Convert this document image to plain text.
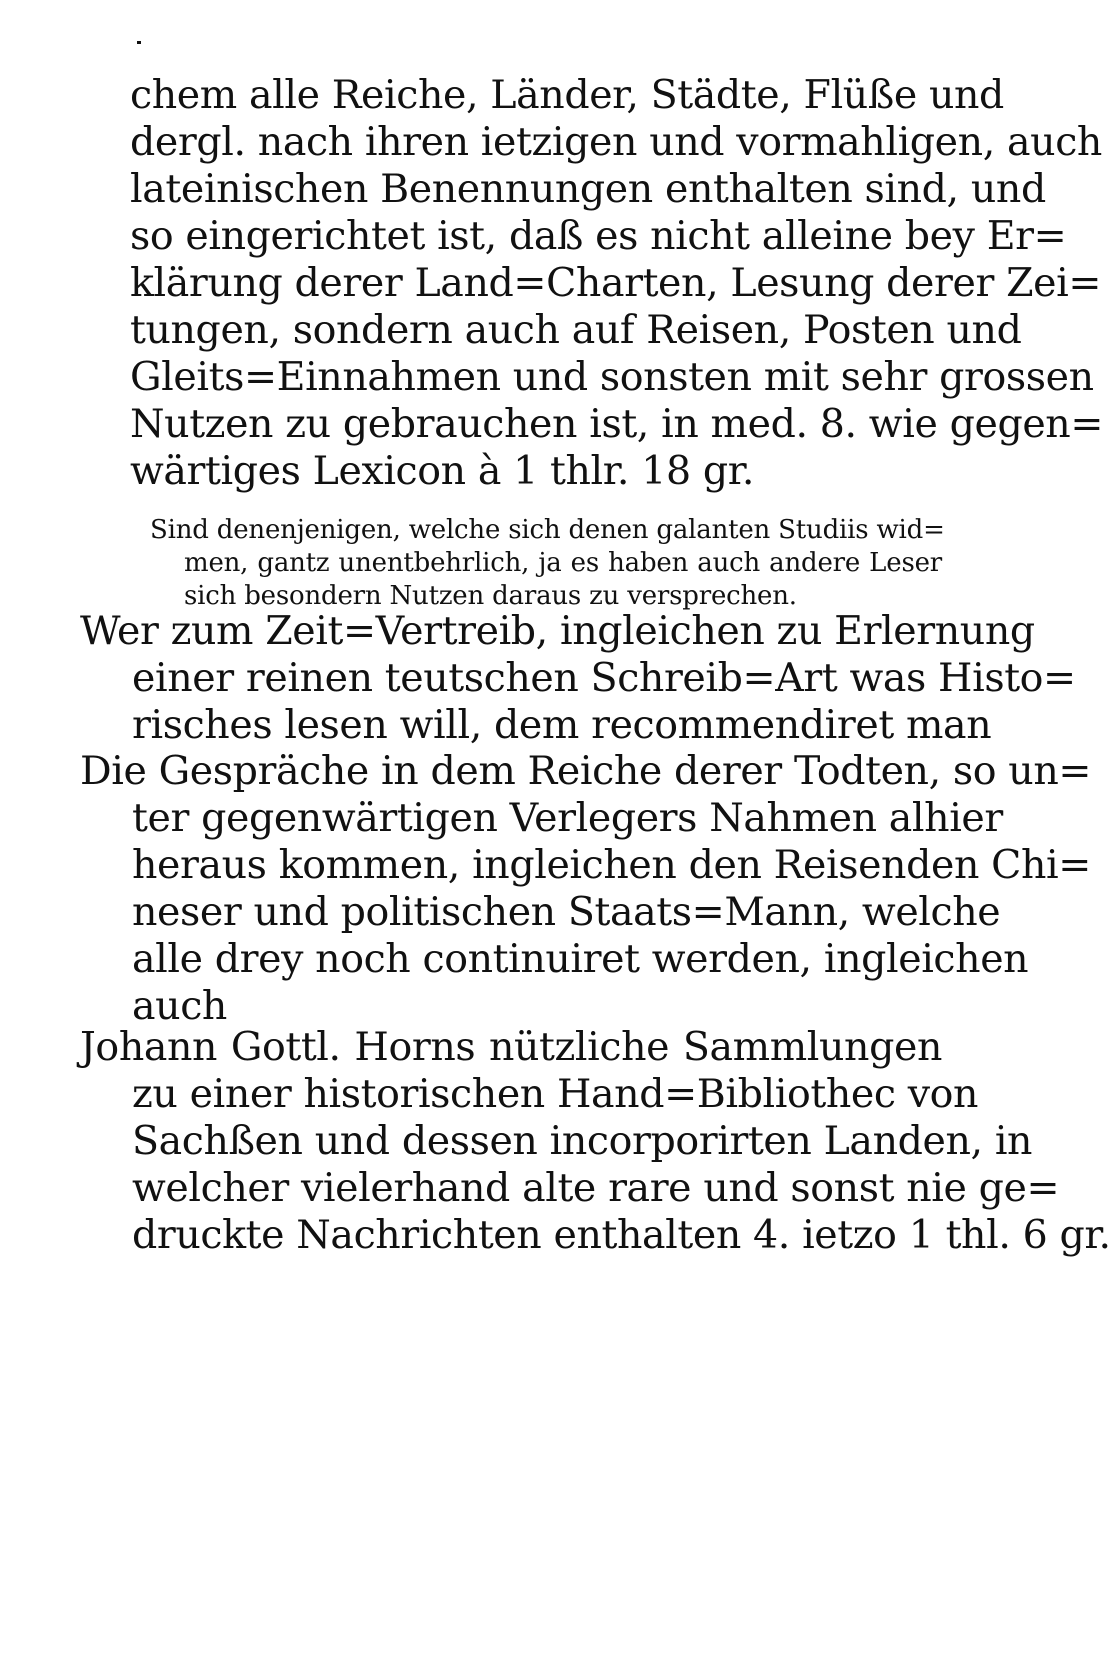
chem alle Reiche, Länder, Städte, Flüße und
dergl. nach ihren ietzigen und vormahligen, auch
lateinischen Benennungen enthalten sind, und
so eingerichtet ist, daß es nicht alleine bey Er=
klärung derer Land=Charten, Lesung derer Zei=
tungen, sondern auch auf Reisen, Posten und
Gleits=Einnahmen und sonsten mit sehr grossen
Nutzen zu gebrauchen ist, in med. 8. wie gegen=
wärtiges Lexicon à 1 thlr. 18 gr.
Sind denenjenigen, welche sich denen galanten Studiis wid=
men, gantz unentbehrlich, ja es haben auch andere Leser
sich besondern Nutzen daraus zu versprechen.
Wer zum Zeit=Vertreib, ingleichen zu Erlernung
einer reinen teutschen Schreib=Art was Histo=
risches lesen will, dem recommendiret man
Die Gespräche in dem Reiche derer Todten, so un=
ter gegenwärtigen Verlegers Nahmen alhier
heraus kommen, ingleichen den Reisenden Chi=
neser und politischen Staats=Mann, welche
alle drey noch continuiret werden, ingleichen
auch
Johann Gottl. Horns nützliche Sammlungen
zu einer historischen Hand=Bibliothec von
Sachßen und dessen incorporirten Landen, in
welcher vielerhand alte rare und sonst nie ge=
druckte Nachrichten enthalten 4. ietzo 1 thl. 6 gr.
